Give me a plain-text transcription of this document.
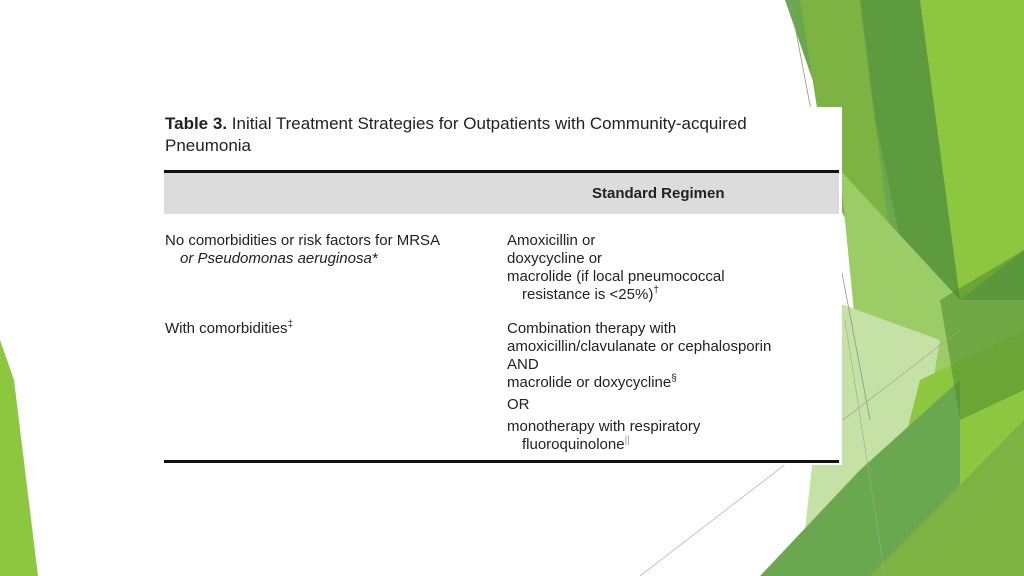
Table 3. Initial Treatment Strategies for Outpatients with Community-acquired Pneumonia
Standard Regimen
No comorbidities or risk factors for MRSA
or Pseudomonas aeruginosa*
Amoxicillin or
doxycycline or
macrolide (if local pneumococcal
resistance is <25%)†
With comorbidities‡	Combination therapy with
amoxicillin/clavulanate or cephalosporin
AND
macrolide or doxycycline§
OR
monotherapy with respiratory
fluoroquinolone||
